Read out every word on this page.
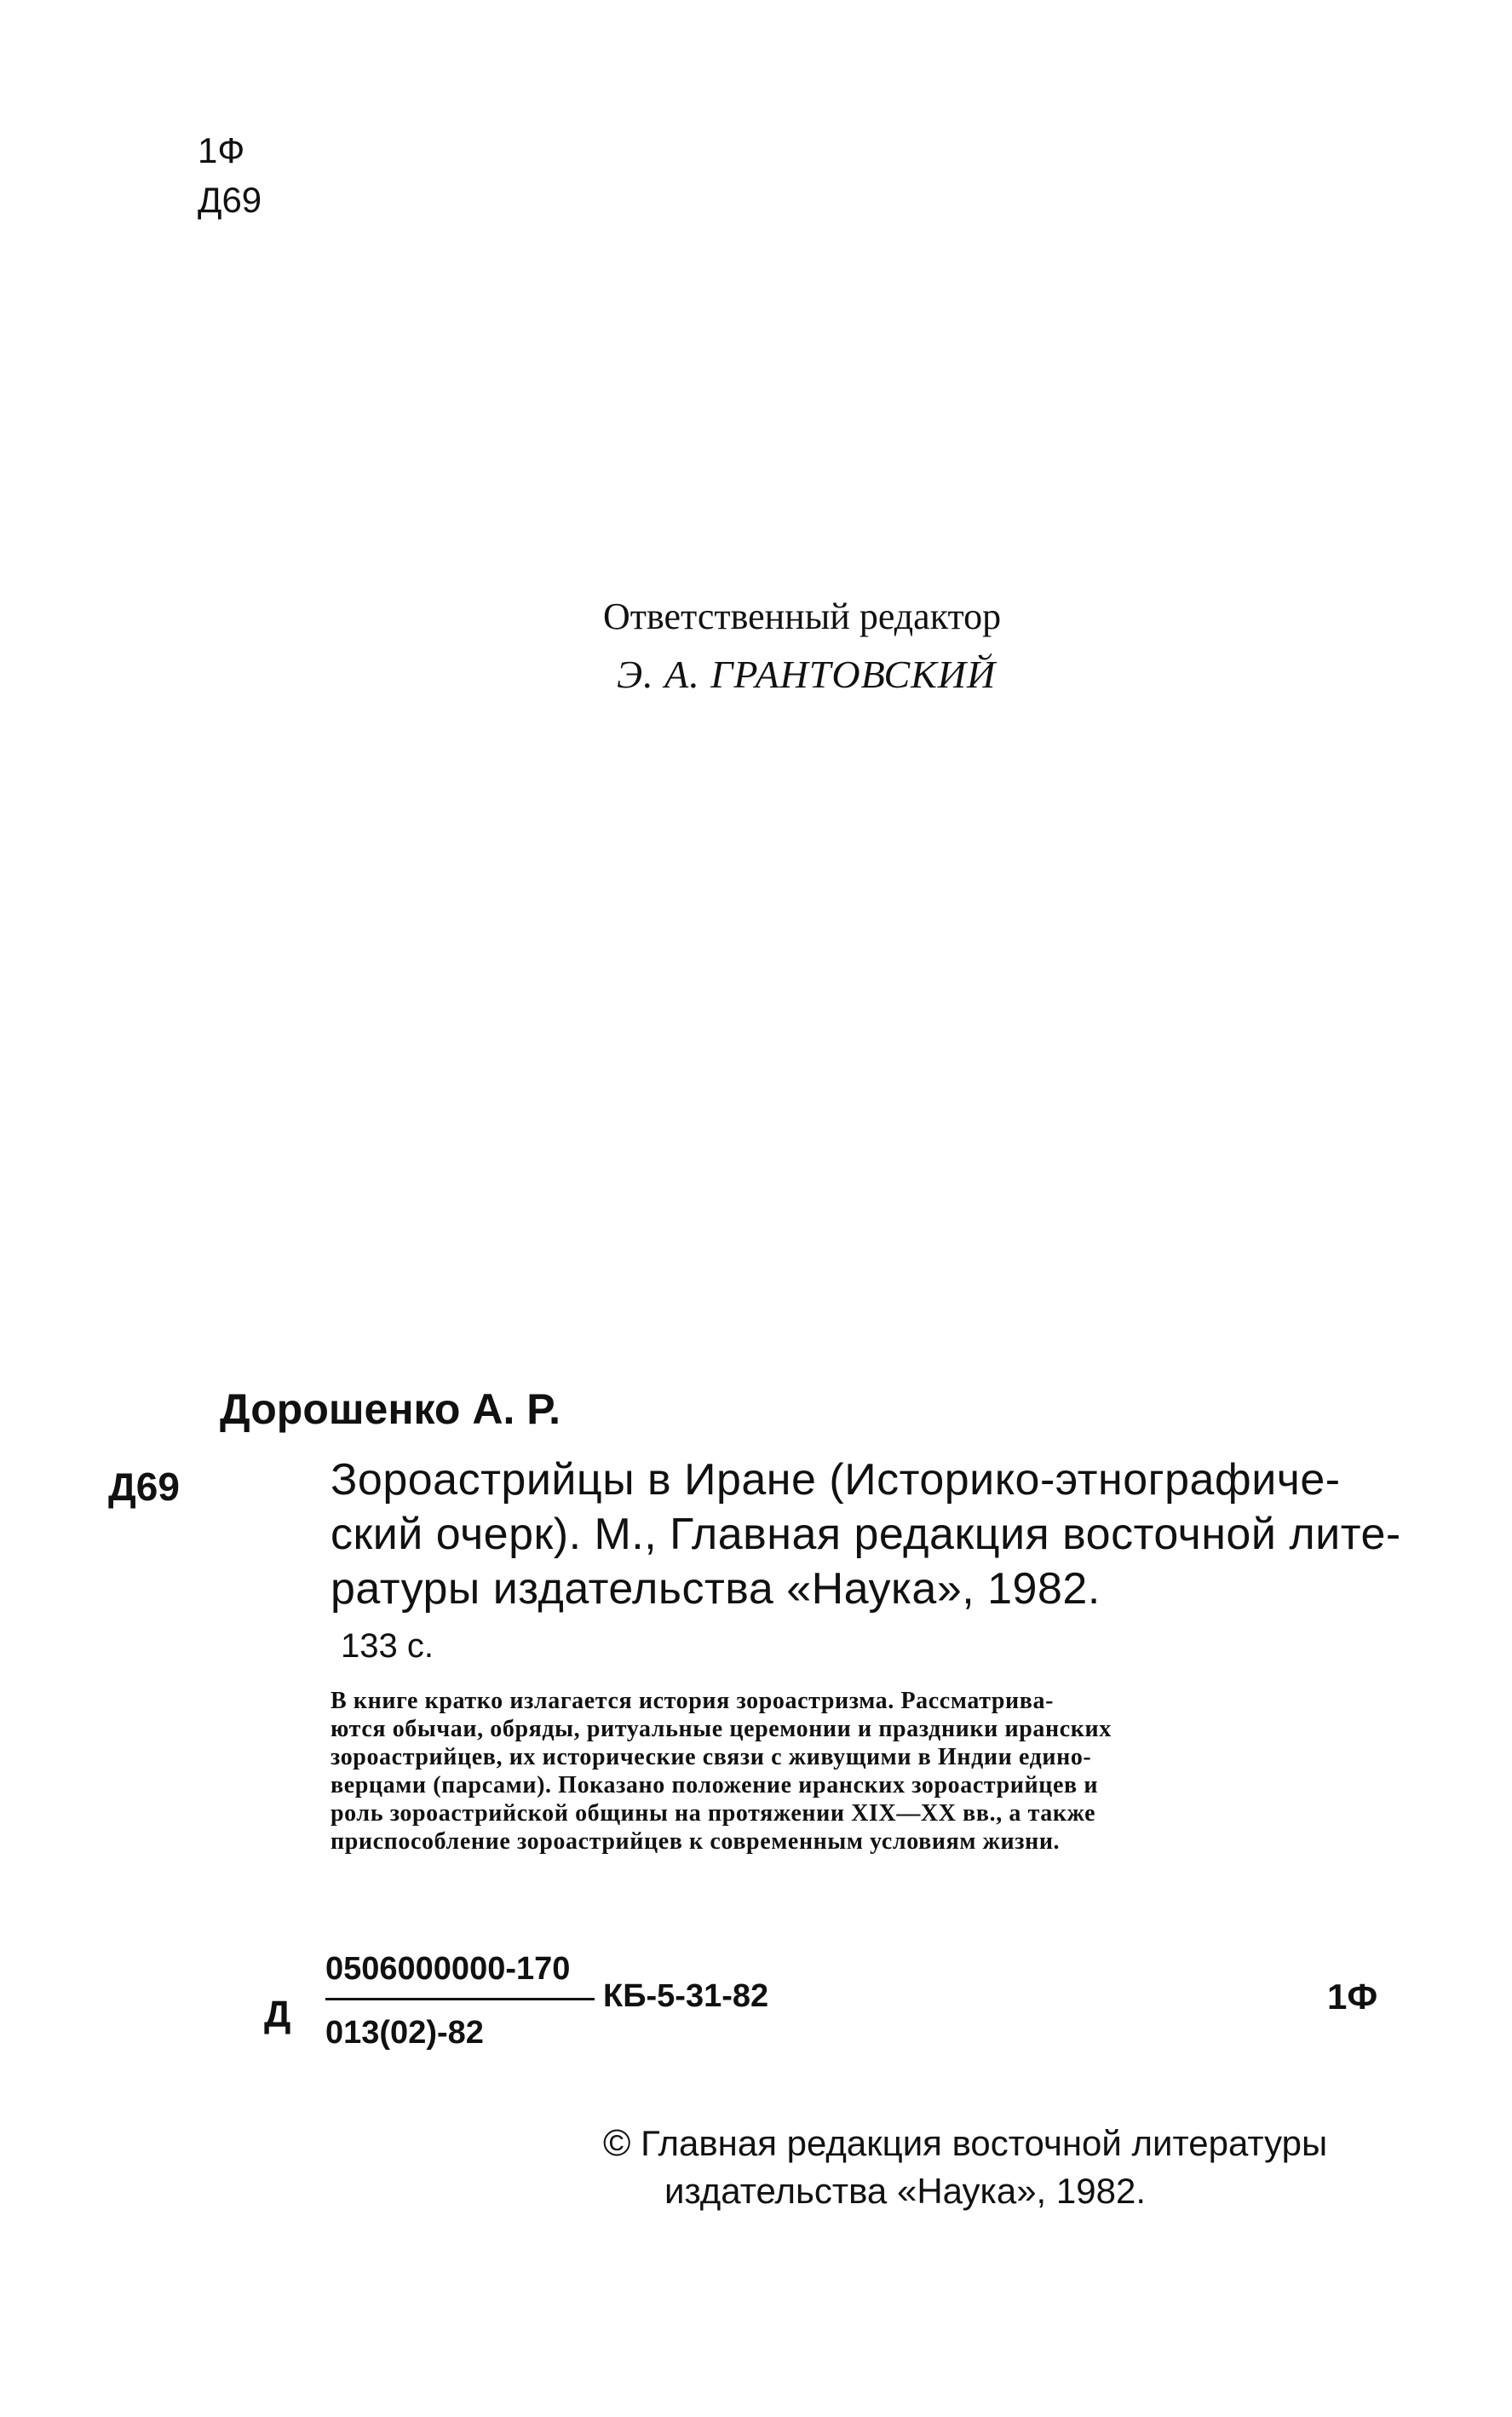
1Ф
Д69
Ответственный редактор
Э. А. ГРАНТОВСКИЙ
Дорошенко А. Р.
Д69	Зороастрийцы в Иране (Историко-этнографиче-
ский очерк). М., Главная редакция восточной лите-
ратуры издательства «Наука», 1982.
133 с.
В книге кратко излагается история зороастризма. Рассматрива-
ются обычаи, обряды, ритуальные церемонии и праздники иранских
зороастрийцев, их исторические связи с живущими в Индии едино-
верцами (парсами). Показано положение иранских зороастрийцев и
роль зороастрийской общины на протяжении XIX—XX вв., а также
приспособление зороастрийцев к современным условиям жизни.
Д
0506000000-170
013(02)-82
КБ-5-31-82	1Ф
© Главная редакция восточной литературы
издательства «Наука», 1982.
